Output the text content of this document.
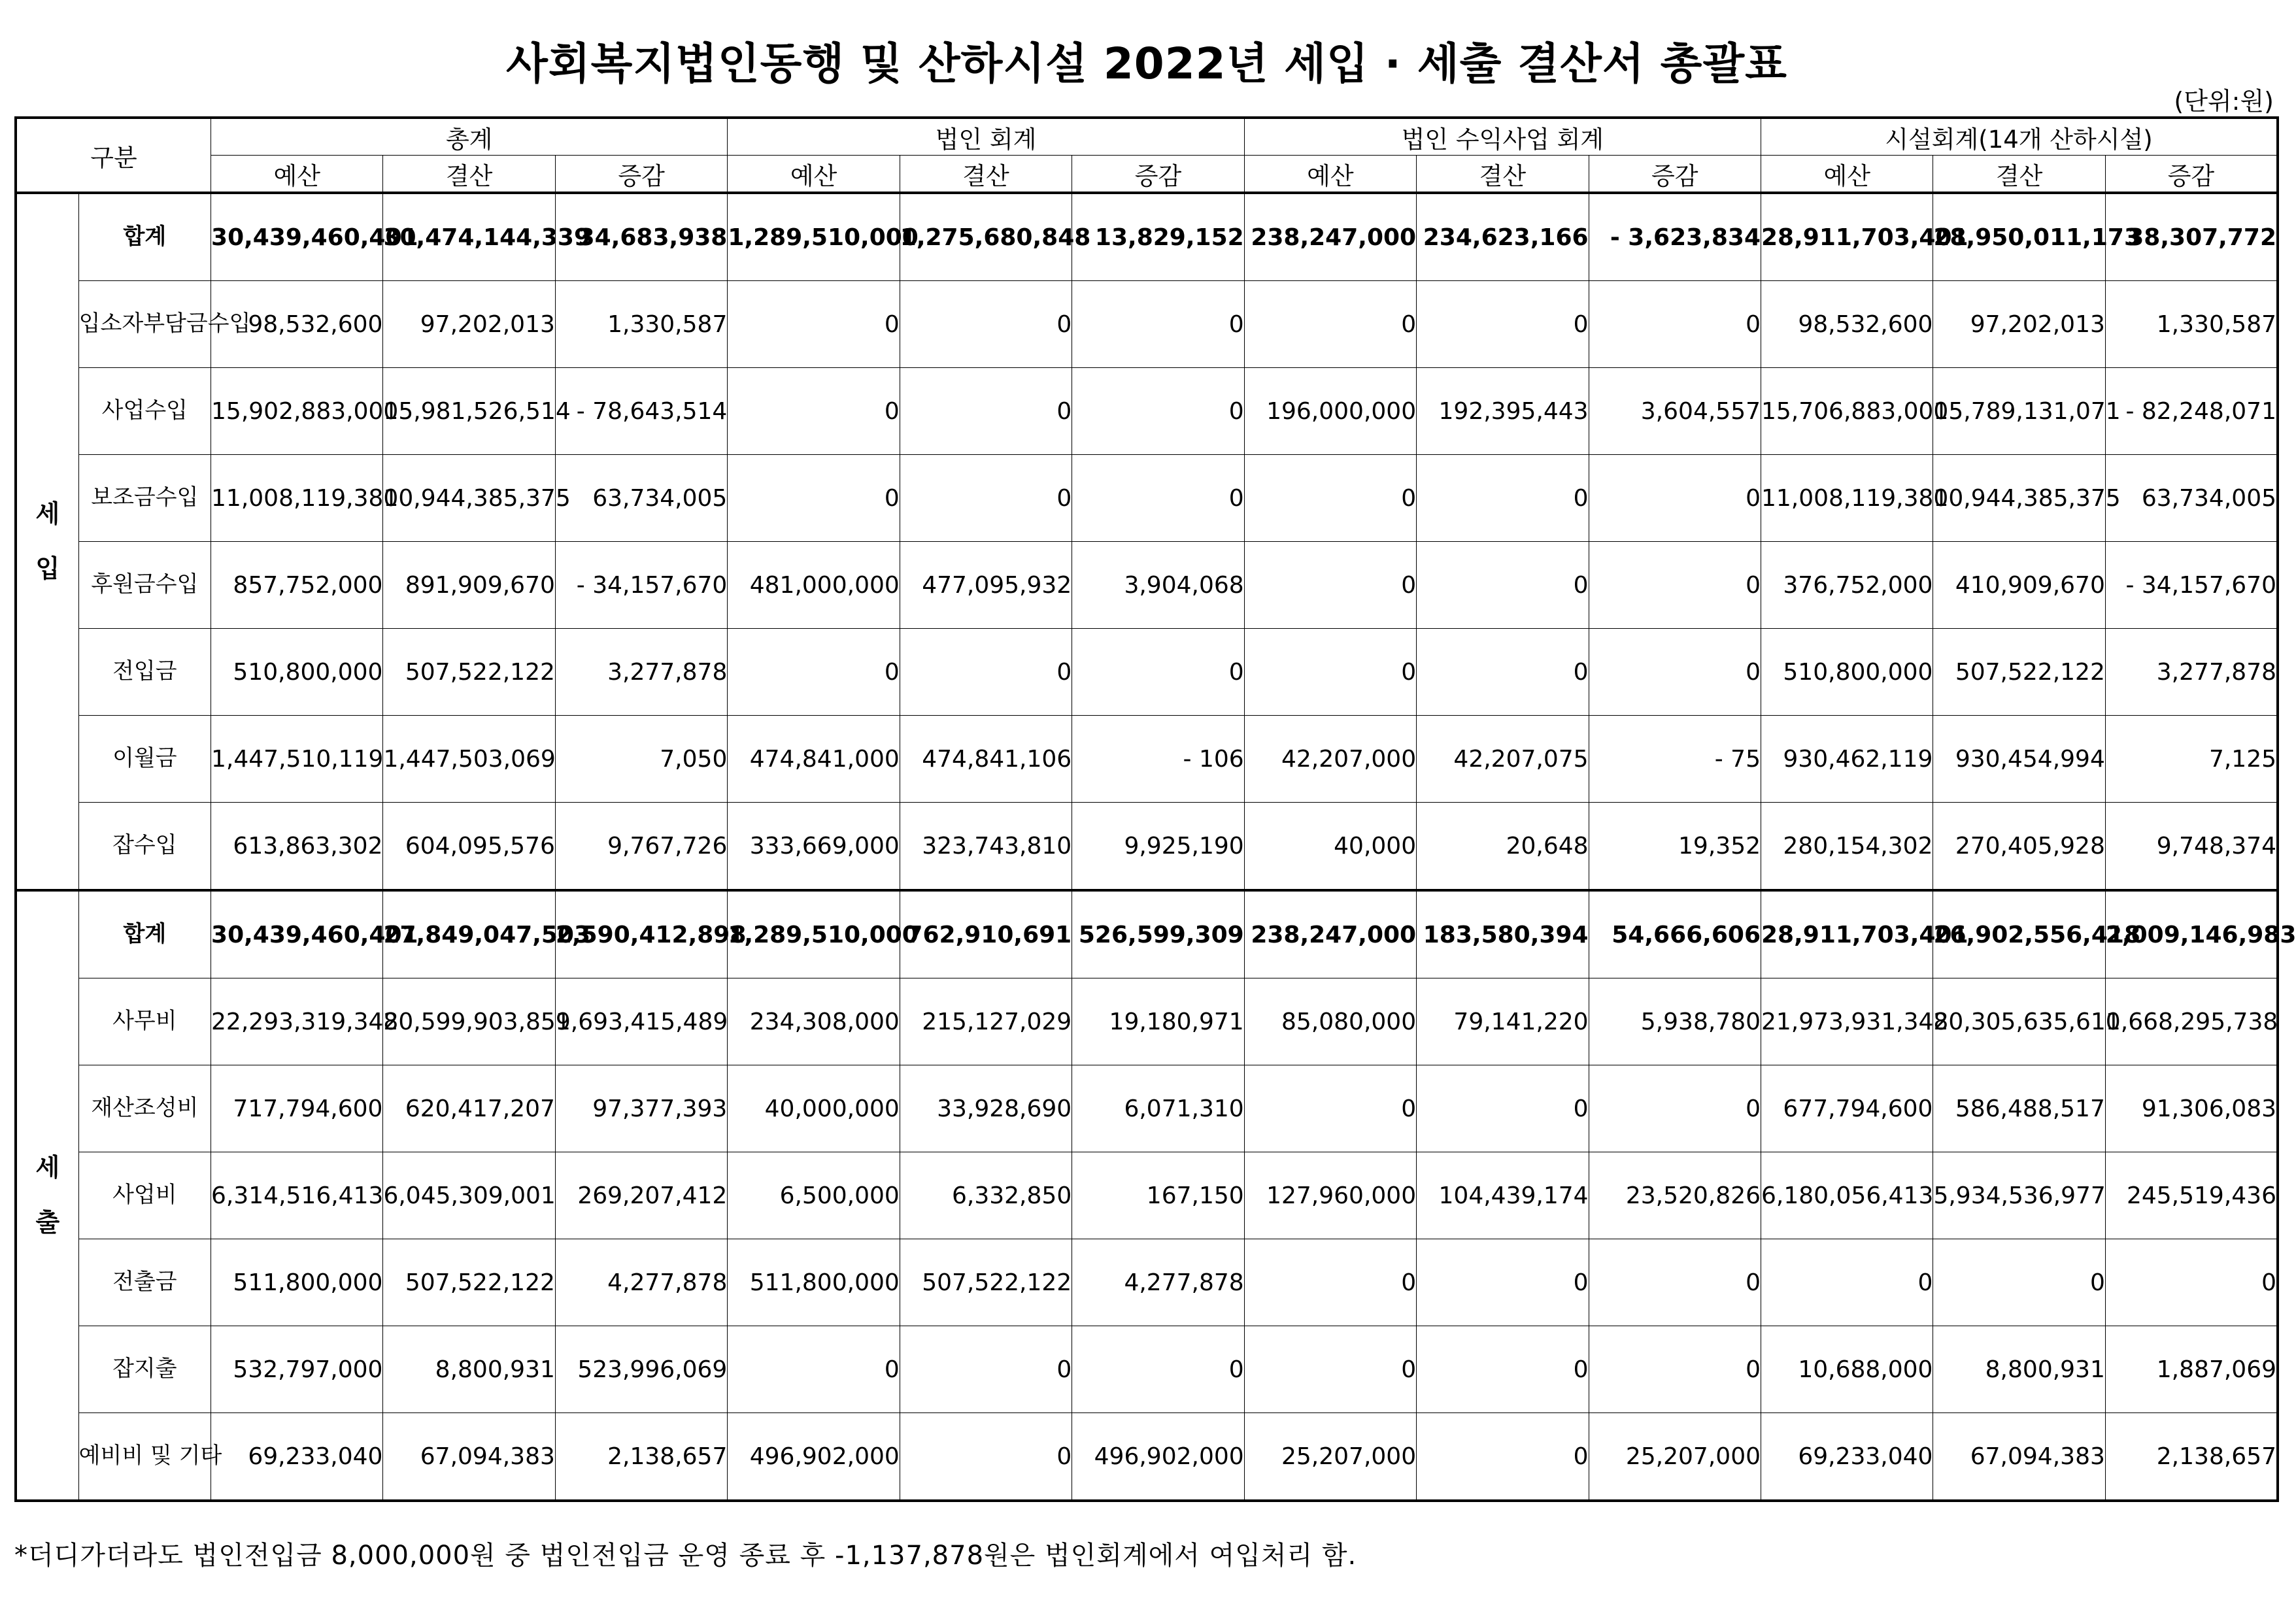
사회복지법인동행 및 산하시설 2022년 세입 · 세출 결산서 총괄표
(단위:원)
구분		총계			법인 회계			법인 수익사업 회계			시설회계(14개 산하시설)		
		예산	결산	증감	예산	결산	증감	예산	결산	증감	예산	결산	증감

세
입	합계	30,439,460,401	30,474,144,339	34,683,938	1,289,510,000	1,275,680,848	13,829,152	238,247,000	234,623,166	- 3,623,834	28,911,703,401	28,950,011,173	38,307,772
	입소자부담금수입	98,532,600	97,202,013	1,330,587	0	0	0	0	0	0	98,532,600	97,202,013	1,330,587
	사업수입	15,902,883,000	15,981,526,514	- 78,643,514	0	0	0	196,000,000	192,395,443	3,604,557	15,706,883,000	15,789,131,071	- 82,248,071
	보조금수입	11,008,119,380	10,944,385,375	63,734,005	0	0	0	0	0	0	11,008,119,380	10,944,385,375	63,734,005
	후원금수입	857,752,000	891,909,670	- 34,157,670	481,000,000	477,095,932	3,904,068	0	0	0	376,752,000	410,909,670	- 34,157,670
	전입금	510,800,000	507,522,122	3,277,878	0	0	0	0	0	0	510,800,000	507,522,122	3,277,878
	이월금	1,447,510,119	1,447,503,069	7,050	474,841,000	474,841,106	- 106	42,207,000	42,207,075	- 75	930,462,119	930,454,994	7,125
	잡수입	613,863,302	604,095,576	9,767,726	333,669,000	323,743,810	9,925,190	40,000	20,648	19,352	280,154,302	270,405,928	9,748,374

세
출	합계	30,439,460,401	27,849,047,503	2,590,412,898	1,289,510,000	762,910,691	526,599,309	238,247,000	183,580,394	54,666,606	28,911,703,401	26,902,556,418	2,009,146,983
	사무비	22,293,319,348	20,599,903,859	1,693,415,489	234,308,000	215,127,029	19,180,971	85,080,000	79,141,220	5,938,780	21,973,931,348	20,305,635,610	1,668,295,738
	재산조성비	717,794,600	620,417,207	97,377,393	40,000,000	33,928,690	6,071,310	0	0	0	677,794,600	586,488,517	91,306,083
	사업비	6,314,516,413	6,045,309,001	269,207,412	6,500,000	6,332,850	167,150	127,960,000	104,439,174	23,520,826	6,180,056,413	5,934,536,977	245,519,436
	전출금	511,800,000	507,522,122	4,277,878	511,800,000	507,522,122	4,277,878	0	0	0	0	0	0
	잡지출	532,797,000	8,800,931	523,996,069	0	0	0	0	0	0	10,688,000	8,800,931	1,887,069
	예비비 및 기타	69,233,040	67,094,383	2,138,657	496,902,000	0	496,902,000	25,207,000	0	25,207,000	69,233,040	67,094,383	2,138,657
*더디가더라도 법인전입금 8,000,000원 중 법인전입금 운영 종료 후 -1,137,878원은 법인회계에서 여입처리 함.
